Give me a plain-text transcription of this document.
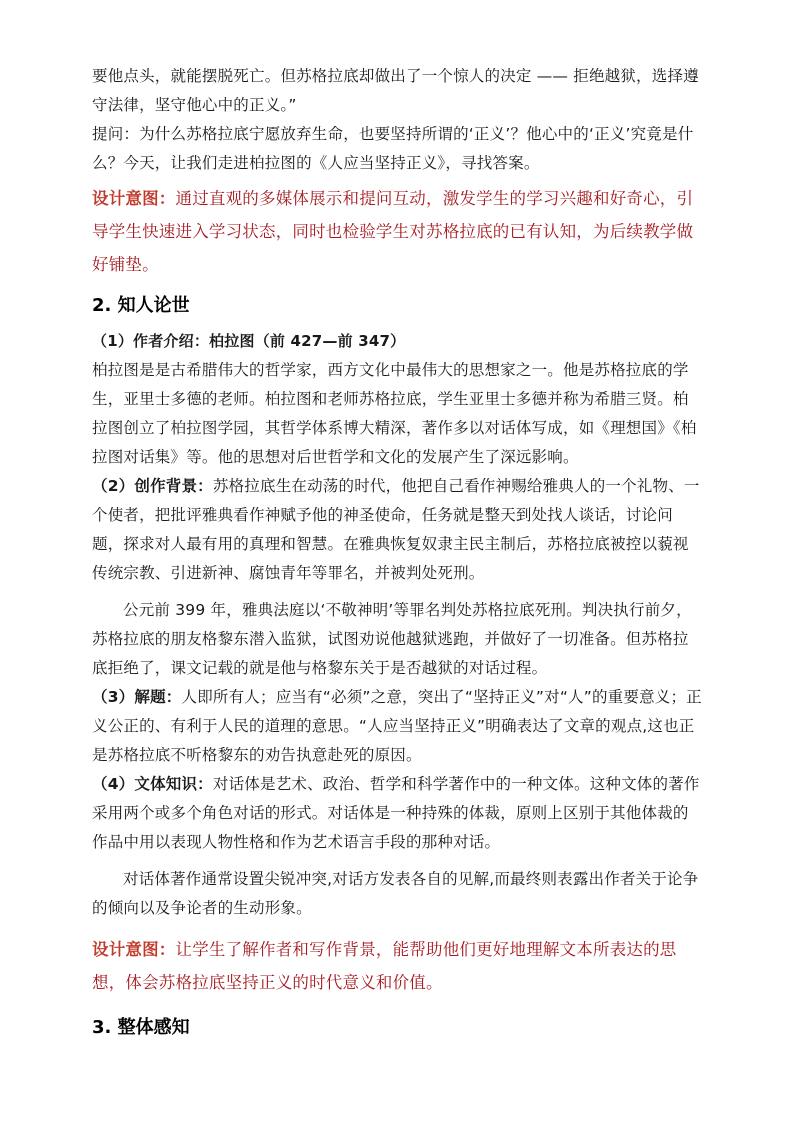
要他点头，就能摆脱死亡。但苏格拉底却做出了一个惊人的决定 —— 拒绝越狱，选择遵守法律，坚守他心中的正义。”

提问：为什么苏格拉底宁愿放弃生命，也要坚持所谓的‘正义’？他心中的‘正义’究竟是什么？今天，让我们走进柏拉图的《人应当坚持正义》，寻找答案。

设计意图：通过直观的多媒体展示和提问互动，激发学生的学习兴趣和好奇心，引导学生快速进入学习状态，同时也检验学生对苏格拉底的已有认知，为后续教学做好铺垫。

2. 知人论世

（1）作者介绍：柏拉图（前 427—前 347）

柏拉图是是古希腊伟大的哲学家，西方文化中最伟大的思想家之一。他是苏格拉底的学生，亚里士多德的老师。柏拉图和老师苏格拉底，学生亚里士多德并称为希腊三贤。柏拉图创立了柏拉图学园，其哲学体系博大精深，著作多以对话体写成，如《理想国》《柏拉图对话集》等。他的思想对后世哲学和文化的发展产生了深远影响。

（2）创作背景：苏格拉底生在动荡的时代，他把自己看作神赐给雅典人的一个礼物、一个使者，把批评雅典看作神赋予他的神圣使命，任务就是整天到处找人谈话，讨论问题，探求对人最有用的真理和智慧。在雅典恢复奴隶主民主制后，苏格拉底被控以藐视传统宗教、引进新神、腐蚀青年等罪名，并被判处死刑。

公元前 399 年，雅典法庭以‘不敬神明’等罪名判处苏格拉底死刑。判决执行前夕，苏格拉底的朋友格黎东潜入监狱，试图劝说他越狱逃跑，并做好了一切准备。但苏格拉底拒绝了，课文记载的就是他与格黎东关于是否越狱的对话过程。

（3）解题：人即所有人；应当有“必须”之意，突出了“坚持正义”对“人”的重要意义；正义公正的、有利于人民的道理的意思。“人应当坚持正义”明确表达了文章的观点,这也正是苏格拉底不听格黎东的劝告执意赴死的原因。

（4）文体知识：对话体是艺术、政治、哲学和科学著作中的一种文体。这种文体的著作采用两个或多个角色对话的形式。对话体是一种持殊的体裁，原则上区别于其他体裁的作品中用以表现人物性格和作为艺术语言手段的那种对话。

对话体著作通常设置尖锐冲突,对话方发表各自的见解,而最终则表露出作者关于论争的倾向以及争论者的生动形象。

设计意图：让学生了解作者和写作背景，能帮助他们更好地理解文本所表达的思想，体会苏格拉底坚持正义的时代意义和价值。

3. 整体感知
